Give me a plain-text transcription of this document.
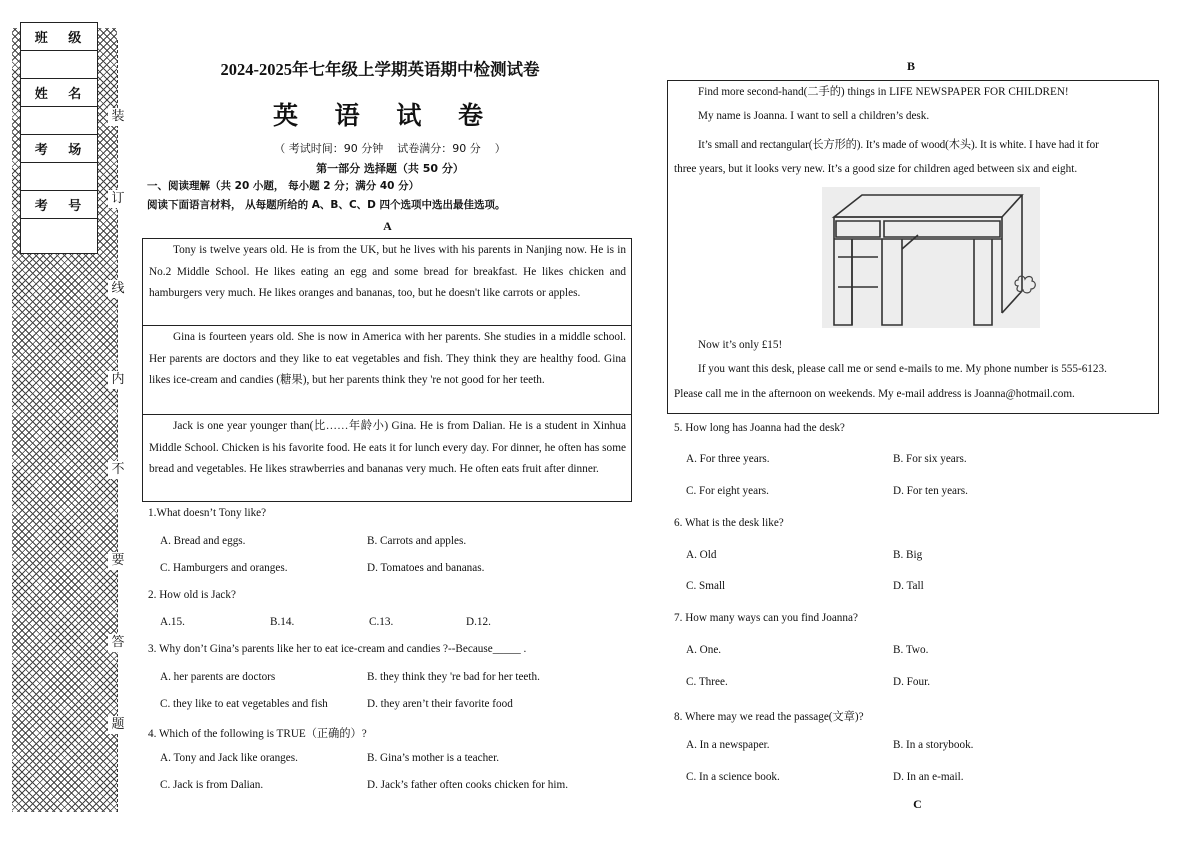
班 级
姓 名
考 场
考 号
装
订
线
内
不
要
答
题
2024-2025年七年级上学期英语期中检测试卷
英 语 试 卷
（ 考试时间：90 分钟    试卷满分：90 分    ）
第一部分 选择题（共 50 分）
一、阅读理解（共 20 小题， 每小题 2 分；满分 40 分）
阅读下面语言材料， 从每题所给的 A、B、C、D 四个选项中选出最佳选项。
A
Tony is twelve years old. He is from the UK, but he lives with his parents in Nanjing now. He is in No.2 Middle School. He likes eating an egg and some bread for breakfast. He likes chicken and hamburgers very much. He likes oranges and bananas, too, but he doesn't like carrots or apples.
Gina is fourteen years old. She is now in America with her parents. She studies in a middle school. Her parents are doctors and they like to eat vegetables and fish. They think they are healthy food. Gina likes ice-cream and candies (糖果), but her parents think they 're not good for her teeth.
Jack is one year younger than(比……年龄小) Gina. He is from Dalian. He is a student in Xinhua Middle School. Chicken is his favorite food. He eats it for lunch every day. For dinner, he often has some bread and vegetables. He likes strawberries and bananas very much. He often eats fruit after dinner.
1.What doesn’t Tony like?
A. Bread and eggs.	B. Carrots and apples.
C. Hamburgers and oranges.	D. Tomatoes and bananas.
2. How old is Jack?
A.15.	B.14.	C.13.	D.12.
3. Why don’t Gina’s parents like her to eat ice-cream and candies ?--Because_____ .
A. her parents are doctors	B. they think they 're bad for her teeth.
C. they like to eat vegetables and fish	D. they aren’t their favorite food
4. Which of the following is TRUE（正确的）?
A. Tony and Jack like oranges.	B. Gina’s mother is a teacher.
C. Jack is from Dalian.	D. Jack’s father often cooks chicken for him.
B
Find more second-hand(二手的) things in LIFE NEWSPAPER FOR CHILDREN!
My name is Joanna. I want to sell a children’s desk.
It’s small and rectangular(长方形的). It’s made of wood(木头). It is white. I have had it for
three years, but it looks very new. It’s a good size for children aged between six and eight.
Now it’s only £15!
If you want this desk, please call me or send e-mails to me. My phone number is 555-6123.
Please call me in the afternoon on weekends. My e-mail address is Joanna@hotmail.com.
5. How long has Joanna had the desk?
A. For three years.	B. For six years.
C. For eight years.	D. For ten years.
6. What is the desk like?
A. Old	B. Big
C. Small	D. Tall
7. How many ways can you find Joanna?
A. One.	B. Two.
C. Three.	D. Four.
8. Where may we read the passage(文章)?
A. In a newspaper.	B. In a storybook.
C. In a science book.	D. In an e-mail.
C
